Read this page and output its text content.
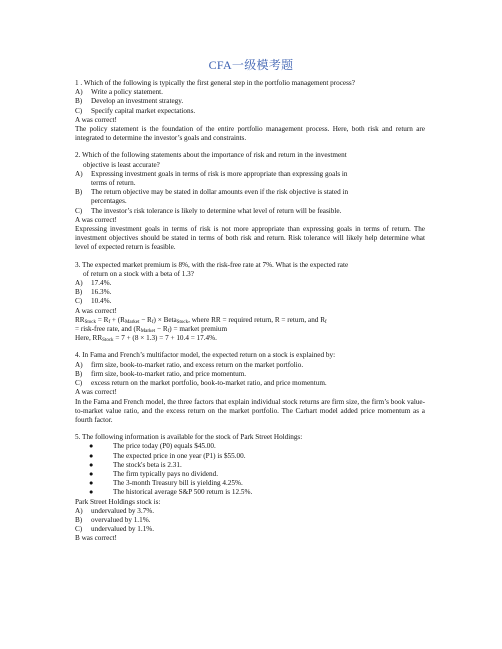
CFA一级模考题
1 . Which of the following is typically the first general step in the portfolio management process?
A)	Write a policy statement.
B)	Develop an investment strategy.
C)	Specify capital market expectations.
A was correct!
The policy statement is the foundation of the entire portfolio management process. Here, both risk and return are integrated to determine the investor’s goals and constraints.
2. Which of the following statements about the importance of risk and return in the investment
objective is least accurate?
A)	Expressing investment goals in terms of risk is more appropriate than expressing goals in
terms of return.
B)	The return objective may be stated in dollar amounts even if the risk objective is stated in
percentages.
C)	The investor’s risk tolerance is likely to determine what level of return will be feasible.
A was correct!
Expressing investment goals in terms of risk is not more appropriate than expressing goals in terms of return. The investment objectives should be stated in terms of both risk and return. Risk tolerance will likely help determine what level of expected return is feasible.
3. The expected market premium is 8%, with the risk-free rate at 7%. What is the expected rate
of return on a stock with a beta of 1.3?
A)	17.4%.
B)	16.3%.
C)	10.4%.
A was correct!
$RR_{Stock} = R_f + (R_{Market} - R_f)$ × Beta$_{Stock}$, where RR = required return, R = return, and $R_f$
= risk-free rate, and $(R_{Market} - R_f)$ = market premium
Here, $RR_{Stock} = 7 + (8 \times 1.3) = 7 + 10.4 = 17.4\%$.
4. In Fama and French’s multifactor model, the expected return on a stock is explained by:
A)	firm size, book-to-market ratio, and excess return on the market portfolio.
B)	firm size, book-to-market ratio, and price momentum.
C)	excess return on the market portfolio, book-to-market ratio, and price momentum.
A was correct!
In the Fama and French model, the three factors that explain individual stock returns are firm size, the firm’s book value-to-market value ratio, and the excess return on the market portfolio. The Carhart model added price momentum as a fourth factor.
5. The following information is available for the stock of Park Street Holdings:
●	The price today (P0) equals $45.00.
●	The expected price in one year (P1) is $55.00.
●	The stock's beta is 2.31.
●	The firm typically pays no dividend.
●	The 3-month Treasury bill is yielding 4.25%.
●	The historical average S&P 500 return is 12.5%.
Park Street Holdings stock is:
A)	undervalued by 3.7%.
B)	overvalued by 1.1%.
C)	undervalued by 1.1%.
B was correct!
